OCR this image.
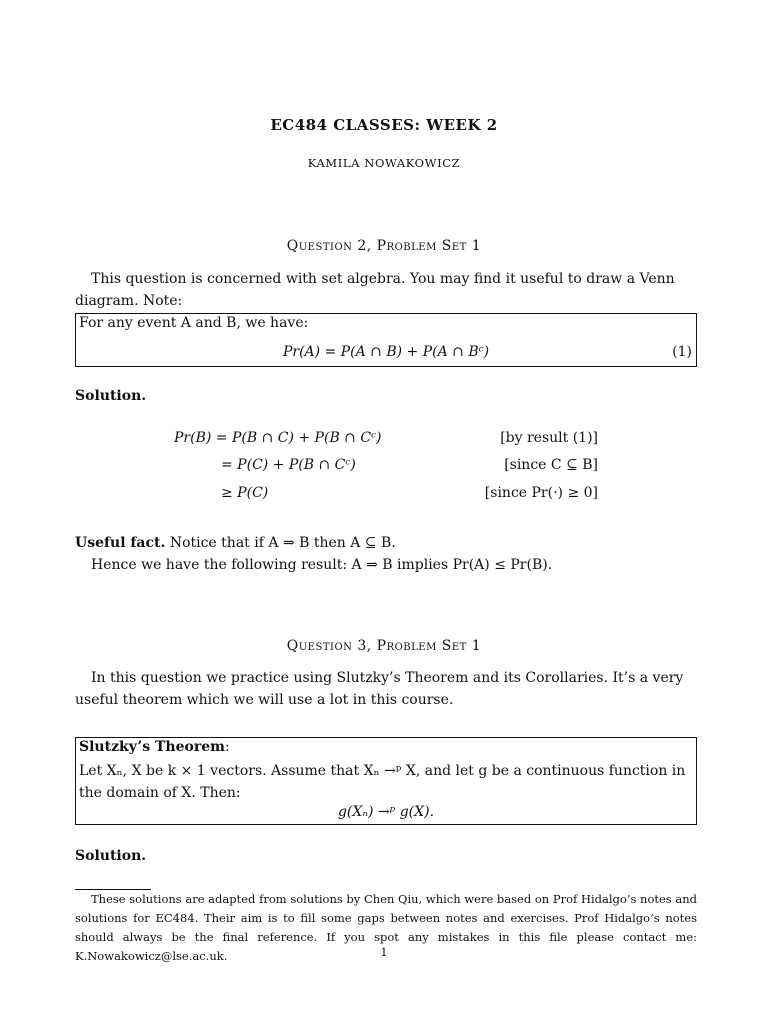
EC484 CLASSES: WEEK 2
KAMILA NOWAKOWICZ
Question 2, Problem Set 1
This question is concerned with set algebra. You may find it useful to draw a Venn diagram. Note:
For any event A and B, we have:
Pr(A) = P(A ∩ B) + P(A ∩ Bᶜ)	(1)
Solution.
Pr(B) = P(B ∩ C) + P(B ∩ Cᶜ)	[by result (1)]
= P(C) + P(B ∩ Cᶜ)	[since C ⊆ B]
≥ P(C)	[since Pr(·) ≥ 0]
Useful fact. Notice that if A ⇒ B then A ⊆ B.
Hence we have the following result: A ⇒ B implies Pr(A) ≤ Pr(B).
Question 3, Problem Set 1
In this question we practice using Slutzky’s Theorem and its Corollaries. It’s a very useful theorem which we will use a lot in this course.
Slutzky’s Theorem:
Let Xₙ, X be k × 1 vectors. Assume that Xₙ →ᵖ X, and let g be a continuous function in the domain of X. Then:
g(Xₙ) →ᵖ g(X).
Solution.
These solutions are adapted from solutions by Chen Qiu, which were based on Prof Hidalgo’s notes and solutions for EC484. Their aim is to fill some gaps between notes and exercises. Prof Hidalgo’s notes should always be the final reference. If you spot any mistakes in this file please contact me: K.Nowakowicz@lse.ac.uk.	1
